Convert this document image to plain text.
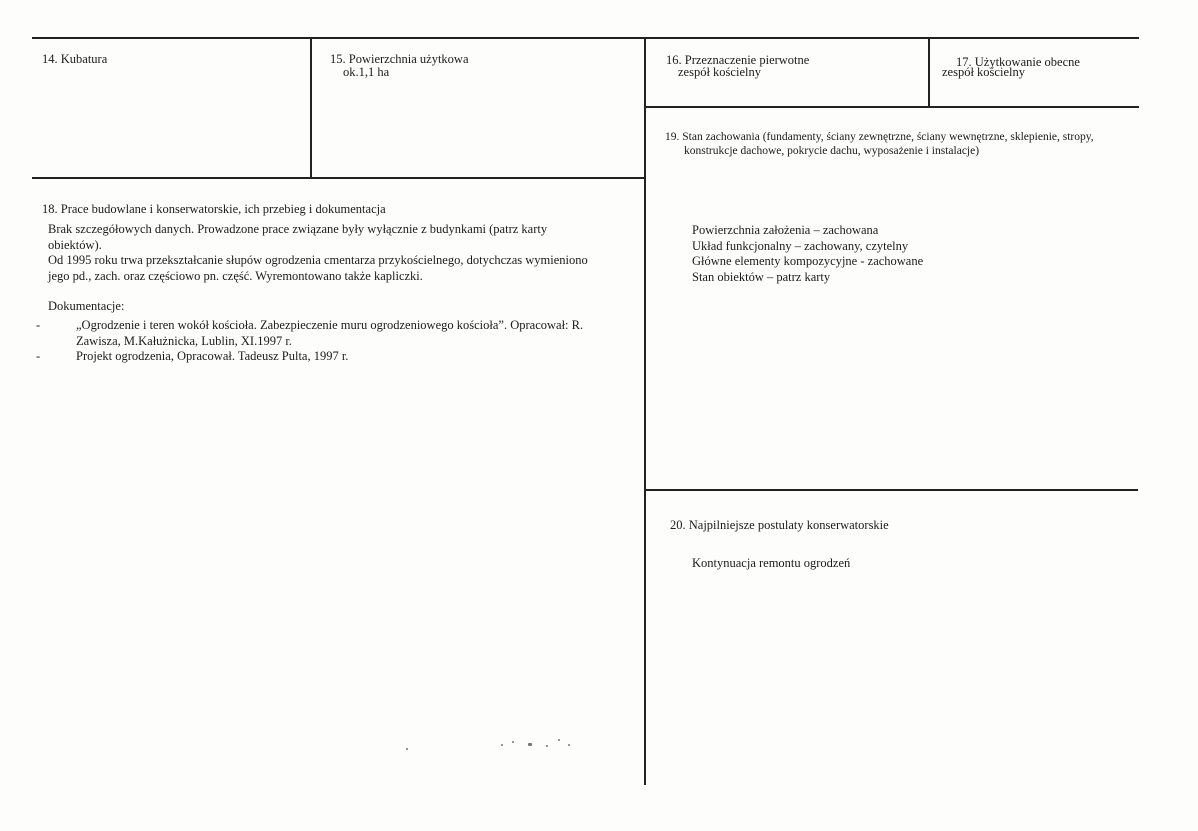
14. Kubatura	15. Powierzchnia użytkowa
ok.1,1 ha
16. Przeznaczenie pierwotne
zespół kościelny
17. Użytkowanie obecne
zespół kościelny
19. Stan zachowania (fundamenty, ściany zewnętrzne, ściany wewnętrzne, sklepienie, stropy,
konstrukcje dachowe, pokrycie dachu, wyposażenie i instalacje)

Powierzchnia założenia – zachowana

Układ funkcjonalny – zachowany, czytelny

Główne elementy kompozycyjne - zachowane

Stan obiektów – patrz karty

18. Prace budowlane i konserwatorskie, ich przebieg i dokumentacja

Brak szczegółowych danych. Prowadzone prace związane były wyłącznie z budynkami (patrz karty obiektów).

Od 1995 roku trwa przekształcanie słupów ogrodzenia cmentarza przykościelnego, dotychczas wymieniono jego pd., zach. oraz częściowo pn. część. Wyremontowano także kapliczki.

Dokumentacje:

-	„Ogrodzenie i teren wokół kościoła. Zabezpieczenie muru ogrodzeniowego kościoła”. Opracował: R. Zawisza, M.Kałużnicka, Lublin, XI.1997 r.
-	Projekt ogrodzenia, Opracował. Tadeusz Pulta, 1997 r.
20. Najpilniejsze postulaty konserwatorskie
Kontynuacja remontu ogrodzeń
